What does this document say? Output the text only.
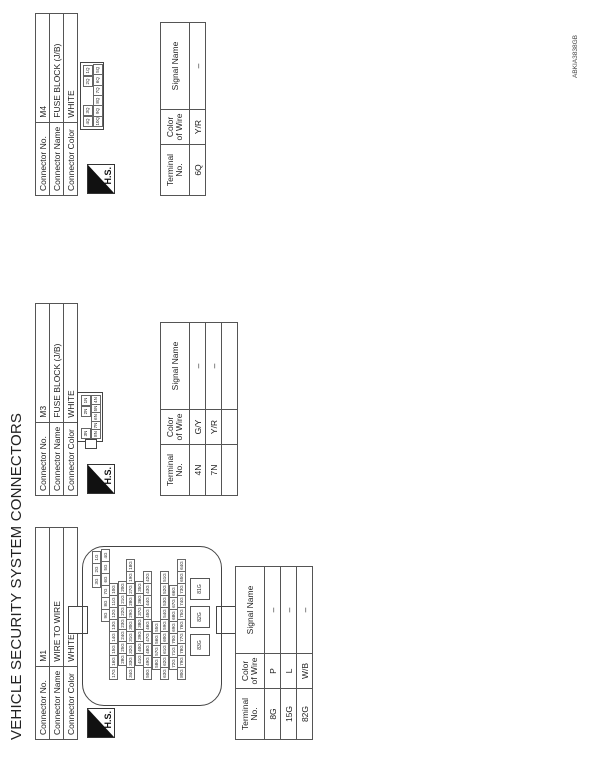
VEHICLE SECURITY SYSTEM CONNECTORS Connector No.	M1
Connector Name	WIRE TO WIRE
Connector Color	WHITE
H.S.
3G
2G
1G
9G
8G
7G
6G
5G
4G
17G
16G
15G
14G
13G
12G
11G
10G
28G
25G
24G
23G
22G
21G
20G
34G
33G
32G
31G
30G
29G
28G
27G
19G
18G
41G
40G
39G
38G
37G
36G
35G
50G
49G
48G
47G
46G
45G
44G
43G
42G
58G
57G
56G
55G
63G
62G
61G
60G
59G
54G
53G
52G
51G
72G
71G
70G
69G
68G
67G
66G
80G
79G
78G
77G
76G
75G
74G
73G
65G
64G
81G
82G
83G
Terminal No.	Color of Wire	Signal Name
8G	P	–
15G	L	–
82G	W/B	–
Connector No.	M3
Connector Name	FUSE BLOCK (J/B)
Connector Color	WHITE
H.S.
3N
2N
1N
8N
7N
6N
5N
4N
Terminal No.	Color of Wire	Signal Name
4N	G/Y	–
7N	Y/R	–

Connector No.	M4
Connector Name	FUSE BLOCK (J/B)
Connector Color	WHITE
H.S.
4Q
3Q
2Q
1Q
10Q
9Q
8Q
7Q
6Q
5Q
Terminal No.	Color of Wire	Signal Name
6Q	Y/R	–	ABKIA3838GB
